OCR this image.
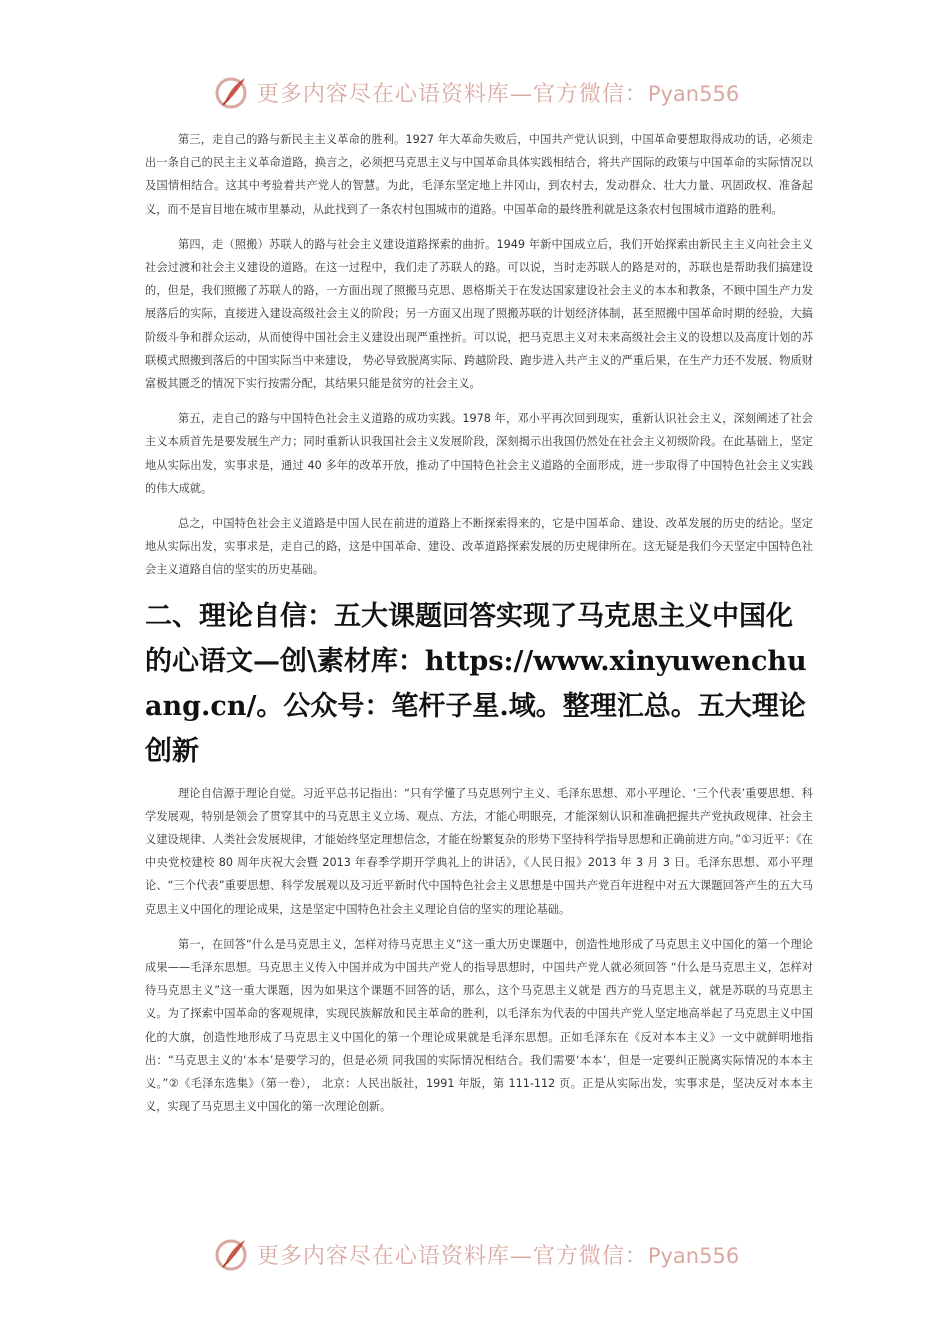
更多内容尽在心语资料库—官方微信：Pyan556

第三，走自己的路与新民主主义革命的胜利。1927 年大革命失败后，中国共产党认识到，中国革命要想取得成功的话，必须走出一条自己的民主主义革命道路，换言之，必须把马克思主义与中国革命具体实践相结合，将共产国际的政策与中国革命的实际情况以及国情相结合。这其中考验着共产党人的智慧。为此，毛泽东坚定地上井冈山，到农村去，发动群众、壮大力量、巩固政权、准备起义，而不是盲目地在城市里暴动，从此找到了一条农村包围城市的道路。中国革命的最终胜利就是这条农村包围城市道路的胜利。

第四，走（照搬）苏联人的路与社会主义建设道路探索的曲折。1949 年新中国成立后，我们开始探索由新民主主义向社会主义社会过渡和社会主义建设的道路。在这一过程中，我们走了苏联人的路。可以说，当时走苏联人的路是对的，苏联也是帮助我们搞建设的，但是，我们照搬了苏联人的路，一方面出现了照搬马克思、恩格斯关于在发达国家建设社会主义的本本和教条，不顾中国生产力发展落后的实际，直接进入建设高级社会主义的阶段；另一方面又出现了照搬苏联的计划经济体制，甚至照搬中国革命时期的经验，大搞阶级斗争和群众运动，从而使得中国社会主义建设出现严重挫折。可以说，把马克思主义对未来高级社会主义的设想以及高度计划的苏联模式照搬到落后的中国实际当中来建设， 势必导致脱离实际、跨越阶段、跑步进入共产主义的严重后果，在生产力还不发展、物质财富极其匮乏的情况下实行按需分配，其结果只能是贫穷的社会主义。

第五，走自己的路与中国特色社会主义道路的成功实践。1978 年，邓小平再次回到现实，重新认识社会主义，深刻阐述了社会主义本质首先是要发展生产力；同时重新认识我国社会主义发展阶段，深刻揭示出我国仍然处在社会主义初级阶段。在此基础上，坚定地从实际出发，实事求是，通过 40 多年的改革开放，推动了中国特色社会主义道路的全面形成，进一步取得了中国特色社会主义实践的伟大成就。

总之，中国特色社会主义道路是中国人民在前进的道路上不断探索得来的，它是中国革命、建设、改革发展的历史的结论。坚定地从实际出发，实事求是，走自己的路，这是中国革命、建设、改革道路探索发展的历史规律所在。这无疑是我们今天坚定中国特色社会主义道路自信的坚实的历史基础。

二、理论自信：五大课题回答实现了马克思主义中国化的心语文—创\素材库：https://www.xinyuwenchuang.cn/。公众号：笔杆子星.域。整理汇总。五大理论创新

理论自信源于理论自觉。习近平总书记指出：“只有学懂了马克思列宁主义、毛泽东思想、邓小平理论、‘三个代表’重要思想、科学发展观，特别是领会了贯穿其中的马克思主义立场、观点、方法，才能心明眼亮，才能深刻认识和准确把握共产党执政规律、社会主义建设规律、人类社会发展规律，才能始终坚定理想信念，才能在纷繁复杂的形势下坚持科学指导思想和正确前进方向。”①习近平：《在中央党校建校 80 周年庆祝大会暨 2013 年春季学期开学典礼上的讲话》，《人民日报》2013 年 3 月 3 日。毛泽东思想、邓小平理论、“三个代表”重要思想、科学发展观以及习近平新时代中国特色社会主义思想是中国共产党百年进程中对五大课题回答产生的五大马克思主义中国化的理论成果，这是坚定中国特色社会主义理论自信的坚实的理论基础。

第一，在回答“什么是马克思主义，怎样对待马克思主义”这一重大历史课题中，创造性地形成了马克思主义中国化的第一个理论成果——毛泽东思想。马克思主义传入中国并成为中国共产党人的指导思想时，中国共产党人就必须回答 “什么是马克思主义，怎样对待马克思主义”这一重大课题，因为如果这个课题不回答的话，那么，这个马克思主义就是 西方的马克思主义，就是苏联的马克思主义。为了探索中国革命的客观规律，实现民族解放和民主革命的胜利，以毛泽东为代表的中国共产党人坚定地高举起了马克思主义中国化的大旗，创造性地形成了马克思主义中国化的第一个理论成果就是毛泽东思想。正如毛泽东在《反对本本主义》一文中就鲜明地指出：“马克思主义的‘本本’是要学习的，但是必须 同我国的实际情况相结合。我们需要‘本本’，但是一定要纠正脱离实际情况的本本主义。”②《毛泽东选集》（第一卷）， 北京：人民出版社，1991 年版，第 111-112 页。正是从实际出发，实事求是，坚决反对本本主义，实现了马克思主义中国化的第一次理论创新。

更多内容尽在心语资料库—官方微信：Pyan556
